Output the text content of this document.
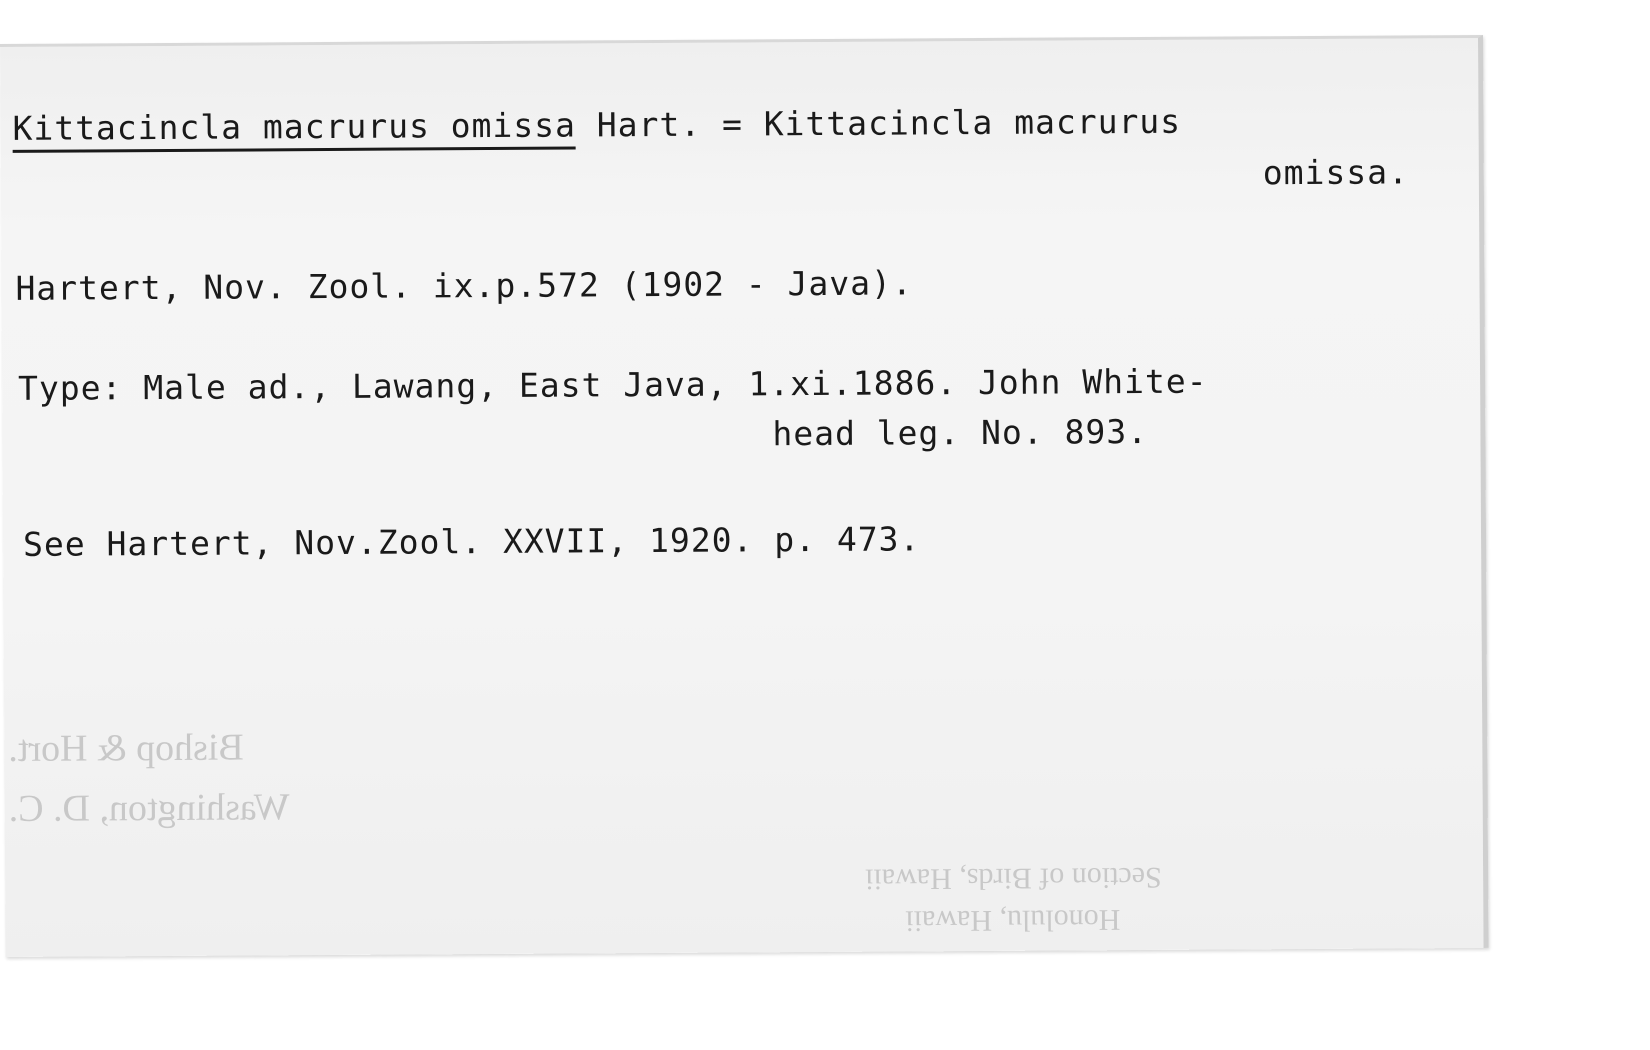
Kittacincla macrurus omissa Hart. = Kittacincla macrurus
omissa.
Hartert, Nov. Zool. ix.p.572 (1902 - Java).
Type: Male ad., Lawang, East Java, 1.xi.1886. John White-
head leg. No. 893.
See Hartert, Nov.Zool. XXVII, 1920. p. 473.
Bishop & Hort.
Washington, D. C.
Section of Birds, Hawaii
Honolulu, Hawaii
